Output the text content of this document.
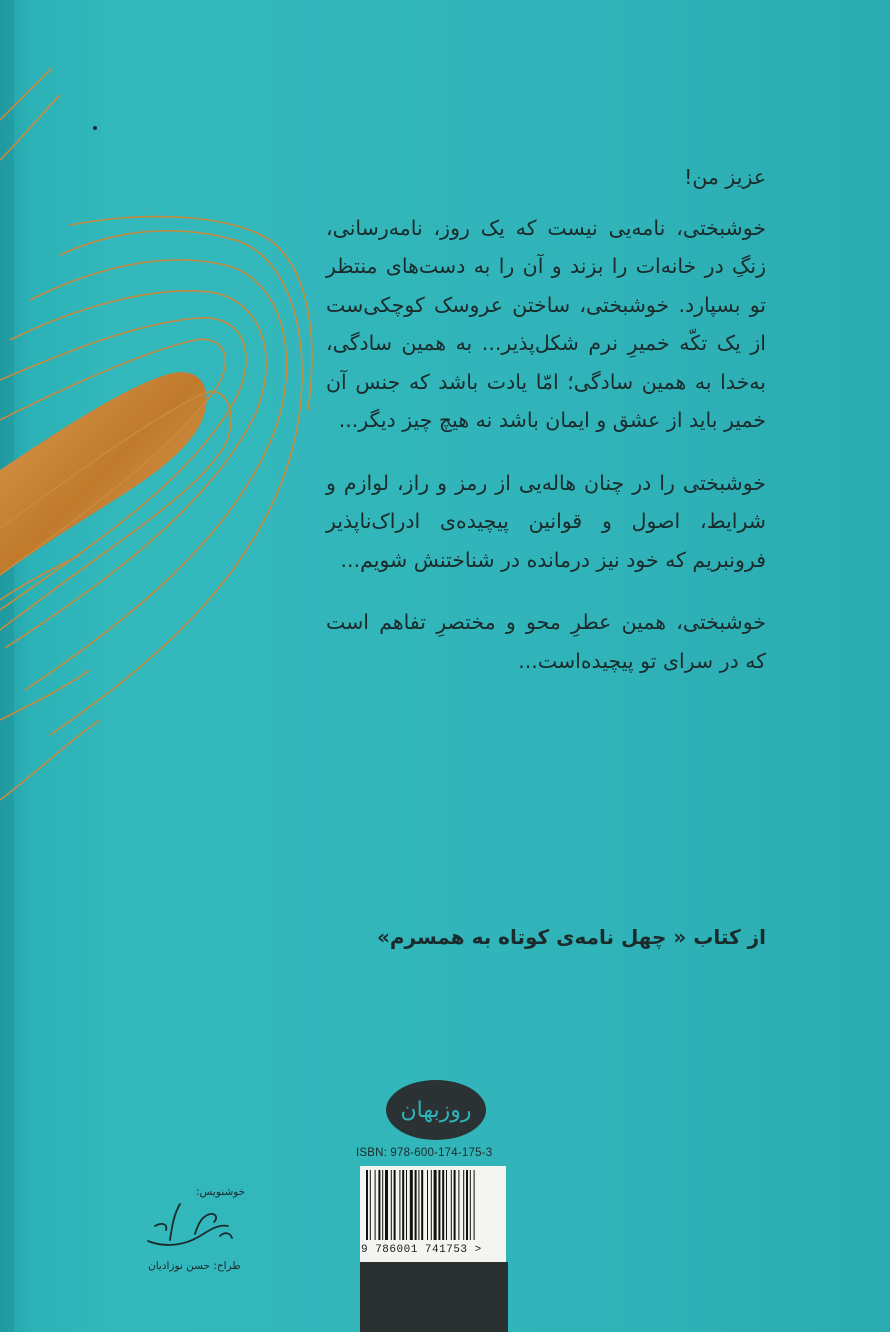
عزیز من!

خوشبختی، نامه‌یی نیست که یک روز، نامه‌رسانی، زنگِ در خانه‌ات را بزند و آن را به دست‌های منتظر تو بسپارد. خوشبختی، ساختن عروسک کوچکی‌ست از یک تکّه خمیرِ نرم شکل‌پذیر... به همین سادگی، به‌خدا به همین سادگی؛ امّا یادت باشد که جنس آن خمیر باید از عشق و ایمان باشد نه هیچ چیز دیگر...

خوشبختی را در چنان هاله‌یی از رمز و راز، لوازم و شرایط، اصول و قوانین پیچیده‌ی ادراک‌ناپذیر فرونبریم که خود نیز درمانده در شناختنش شویم...

خوشبختی، همین عطرِ محو و مختصرِ تفاهم است که در سرای تو پیچیده‌است...

از کتاب « چهل نامه‌ی کوتاه به همسرم»
روزبهان
ISBN: 978-600-174-175-3
9 786001 741753 >
خوشنویس:
طراح: حسن نوزادیان
